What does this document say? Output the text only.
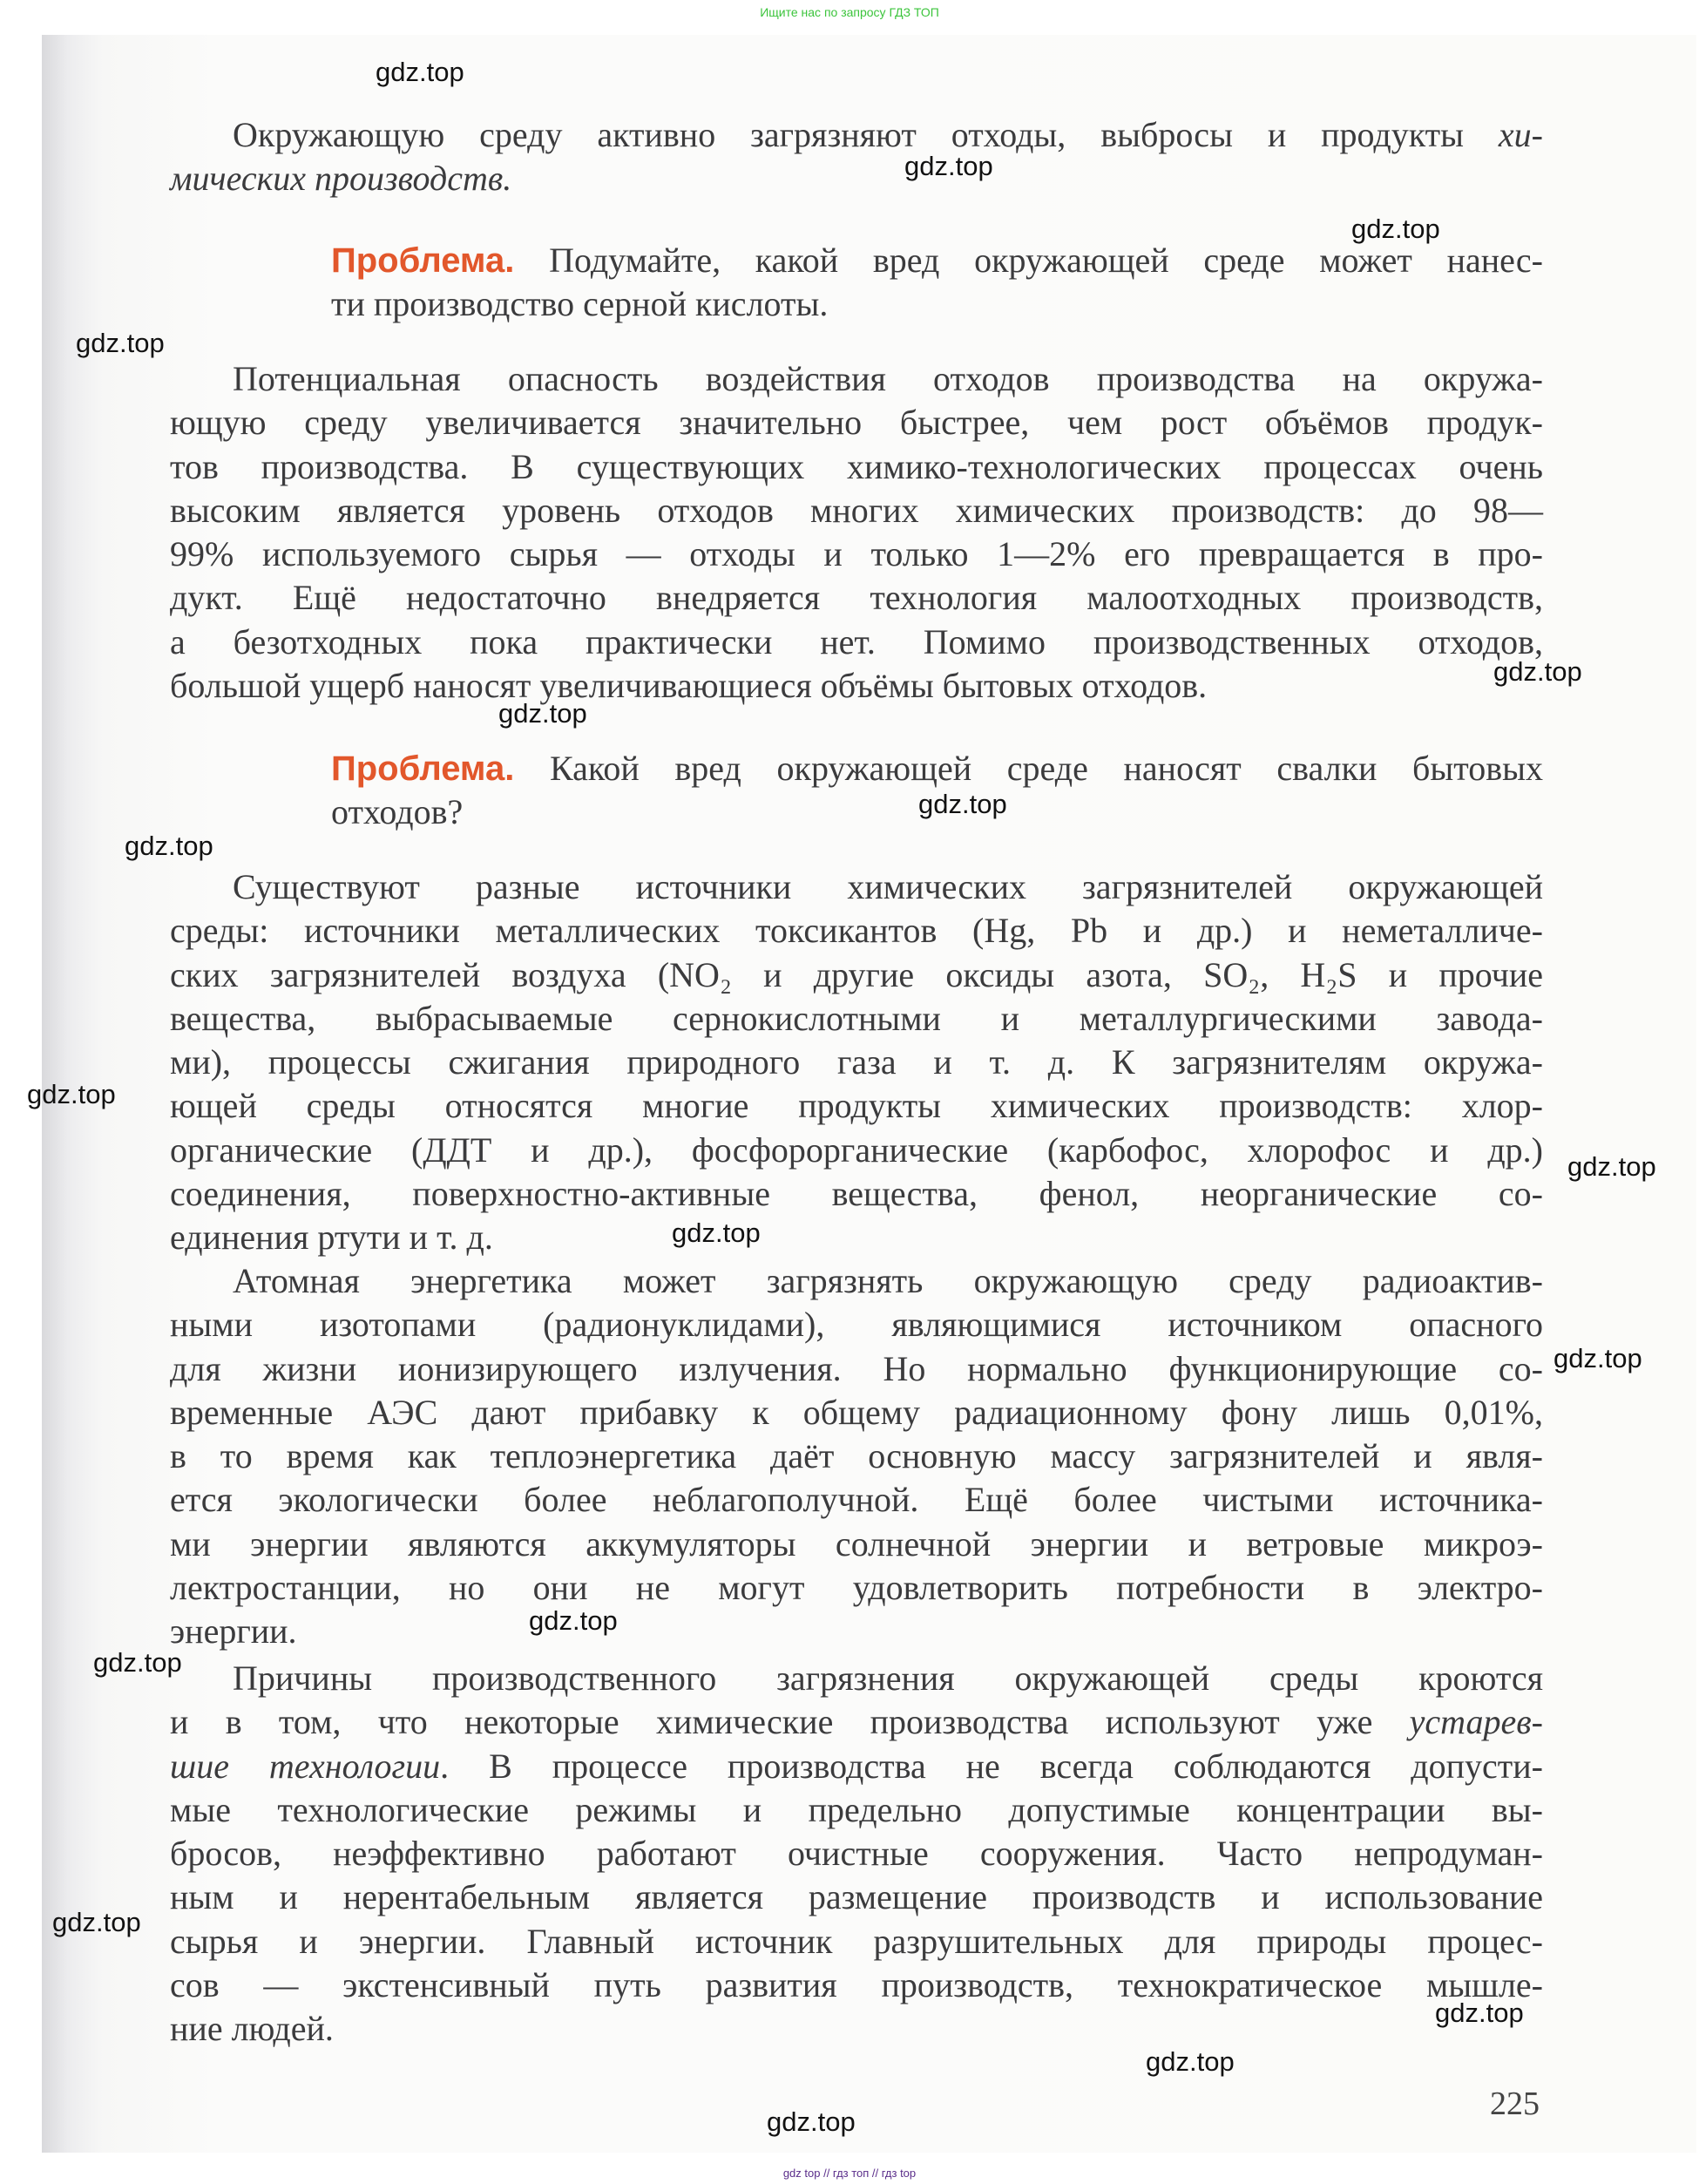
Ищите нас по запросу ГДЗ ТОП
Окружающую среду активно загрязняют отходы, выбросы и продукты хи-
мических производств.
Проблема. Подумайте, какой вред окружающей среде может нанес-
ти производство серной кислоты.
Потенциальная опасность воздействия отходов производства на окружа-
ющую среду увеличивается значительно быстрее, чем рост объёмов продук-
тов производства. В существующих химико-технологических процессах очень
высоким является уровень отходов многих химических производств: до 98—
99% используемого сырья — отходы и только 1—2% его превращается в про-
дукт. Ещё недостаточно внедряется технология малоотходных производств,
а безотходных пока практически нет. Помимо производственных отходов,
большой ущерб наносят увеличивающиеся объёмы бытовых отходов.
Проблема. Какой вред окружающей среде наносят свалки бытовых
отходов?
Существуют разные источники химических загрязнителей окружающей
среды: источники металлических токсикантов (Hg, Pb и др.) и неметалличе-
ских загрязнителей воздуха (NO₂ и другие оксиды азота, SO₂, H₂S и прочие
вещества, выбрасываемые сернокислотными и металлургическими завода-
ми), процессы сжигания природного газа и т. д. К загрязнителям окружа-
ющей среды относятся многие продукты химических производств: хлор-
органические (ДДТ и др.), фосфорорганические (карбофос, хлорофос и др.)
соединения, поверхностно-активные вещества, фенол, неорганические со-
единения ртути и т. д.
Атомная энергетика может загрязнять окружающую среду радиоактив-
ными изотопами (радионуклидами), являющимися источником опасного
для жизни ионизирующего излучения. Но нормально функционирующие со-
временные АЭС дают прибавку к общему радиационному фону лишь 0,01%,
в то время как теплоэнергетика даёт основную массу загрязнителей и явля-
ется экологически более неблагополучной. Ещё более чистыми источника-
ми энергии являются аккумуляторы солнечной энергии и ветровые микроэ-
лектростанции, но они не могут удовлетворить потребности в электро-
энергии.
Причины производственного загрязнения окружающей среды кроются
и в том, что некоторые химические производства используют уже устарев-
шие технологии. В процессе производства не всегда соблюдаются допусти-
мые технологические режимы и предельно допустимые концентрации вы-
бросов, неэффективно работают очистные сооружения. Часто непродуман-
ным и нерентабельным является размещение производств и использование
сырья и энергии. Главный источник разрушительных для природы процес-
сов — экстенсивный путь развития производств, технократическое мышле-
ние людей.
gdz.top
gdz.top
gdz.top
gdz.top
gdz.top
gdz.top
gdz.top
gdz.top
gdz.top
gdz.top
gdz.top
gdz.top
gdz.top
gdz.top
gdz.top
gdz.top
gdz.top
gdz.top	225
gdz top // гдз топ // гдз top
